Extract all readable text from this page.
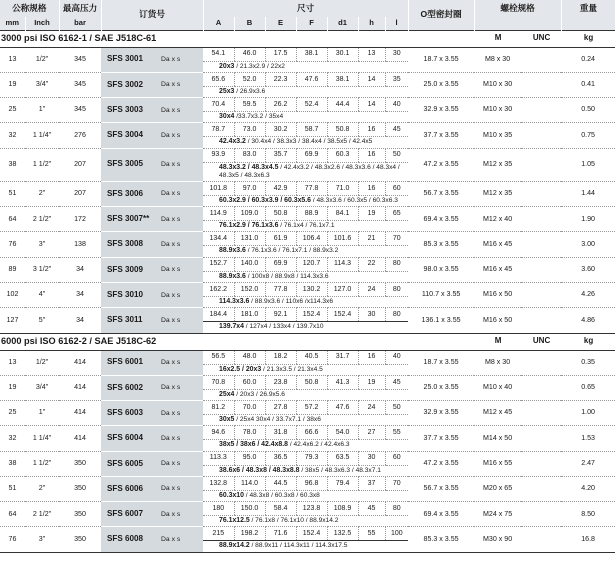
公称规格		最高压力	订货号		尺寸							O型密封圈	螺栓规格		重量
mm	Inch				A	B	E	F	d1	h	l				
		bar													
3000 psi ISO 6162-1 / SAE J518C-61													M	UNC	kg
13	1/2"	345	SFS 3001	Da x s	54.1	46.0	17.5	38.1	30.1	13	30	18.7 x 3.55	M8 x 30		0.24
					20x3 / 21.3x2.9 / 22x2										
19	3/4"	345	SFS 3002	Da x s	65.6	52.0	22.3	47.6	38.1	14	35	25.0 x 3.55	M10 x 30		0.41
					25x3 / 26.9x3.6										
25	1"	345	SFS 3003	Da x s	70.4	59.5	26.2	52.4	44.4	14	40	32.9 x 3.55	M10 x 30		0.50
					30x4 /33.7x3.2 / 35x4										
32	1 1/4"	276	SFS 3004	Da x s	78.7	73.0	30.2	58.7	50.8	16	45	37.7 x 3.55	M10 x 35		0.75
					42.4x3.2 / 30.4x4 / 38.3x3 / 38.4x4 / 38.5x5 / 42.4x5										
38	1 1/2"	207	SFS 3005	Da x s	93.9	83.0	35.7	69.9	60.3	16	50	47.2 x 3.55	M12 x 35		1.05
					48.3x3.2 / 48.3x4.5 / 42.4x3.2 / 48.3x2.6 / 48.3x3.6 / 48.3x4 / 48.3x5 / 48.3x6.3										
51	2"	207	SFS 3006	Da x s	101.8	97.0	42.9	77.8	71.0	16	60	56.7 x 3.55	M12 x 35		1.44
					60.3x2.9 / 60.3x3.9 / 60.3x5.6 / 48.3x3.6 / 60.3x5 / 60.3x6.3										
64	2 1/2"	172	SFS 3007**	Da x s	114.9	109.0	50.8	88.9	84.1	19	65	69.4 x 3.55	M12 x 40		1.90
					76.1x2.9 / 76.1x3.6 / 76.1x4 / 76.1x7.1										
76	3"	138	SFS 3008	Da x s	134.4	131.0	61.9	106.4	101.6	21	70	85.3 x 3.55	M16 x 45		3.00
					88.9x3.6 / 76.1x3.6 / 76.1x7.1 / 88.9x3.2										
89	3 1/2"	34	SFS 3009	Da x s	152.7	140.0	69.9	120.7	114.3	22	80	98.0 x 3.55	M16 x 45		3.60
					88.9x3.6 / 100x8 / 88.9x8 / 114.3x3.6										
102	4"	34	SFS 3010	Da x s	162.2	152.0	77.8	130.2	127.0	24	80	110.7 x 3.55	M16 x 50		4.26
					114.3x3.6 / 88.9x3.6 / 110x6 /x114.3x6										
127	5"	34	SFS 3011	Da x s	184.4	181.0	92.1	152.4	152.4	30	80	136.1 x 3.55	M16 x 50		4.86
					139.7x4 / 127x4 / 133x4 / 139.7x10										
6000 psi ISO 6162-2 / SAE J518C-62													M	UNC	kg
13	1/2"	414	SFS 6001	Da x s	56.5	48.0	18.2	40.5	31.7	16	40	18.7 x 3.55	M8 x 30		0.35
					16x2.5 / 20x3 / 21.3x3.5 / 21.3x4.5										
19	3/4"	414	SFS 6002	Da x s	70.8	60.0	23.8	50.8	41.3	19	45	25.0 x 3.55	M10 x 40		0.65
					25x4 / 20x3 / 26.9x5.6										
25	1"	414	SFS 6003	Da x s	81.2	70.0	27.8	57.2	47.6	24	50	32.9 x 3.55	M12 x 45		1.00
					30x5 / 25x4 30x4 / 33.7x7.1 / 38x6										
32	1 1/4"	414	SFS 6004	Da x s	94.6	78.0	31.8	66.6	54.0	27	55	37.7 x 3.55	M14 x 50		1.53
					38x5 / 38x6 / 42.4x8.8 / 42.4x6.2 / 42.4x6.3										
38	1 1/2"	350	SFS 6005	Da x s	113.3	95.0	36.5	79.3	63.5	30	60	47.2 x 3.55	M16 x 55		2.47
					38.6x6 / 48.3x8 / 48.3x8.8 / 38x5 / 48.3x6.3 / 48.3x7.1										
51	2"	350	SFS 6006	Da x s	132.8	114.0	44.5	96.8	79.4	37	70	56.7 x 3.55	M20 x 65		4.20
					60.3x10 / 48.3x8 / 60.3x8 / 60.3x8										
64	2 1/2"	350	SFS 6007	Da x s	180	150.0	58.4	123.8	108.9	45	80	69.4 x 3.55	M24 x 75		8.50
					76.1x12.5 / 76.1x8 / 76.1x10 / 88.9x14.2										
76	3"	350	SFS 6008	Da x s	215	198.2	71.6	152.4	132.5	55	100	85.3 x 3.55	M30 x 90		16.8
					88.9x14.2 / 88.9x11 / 114.3x11 / 114.3x17.5										
